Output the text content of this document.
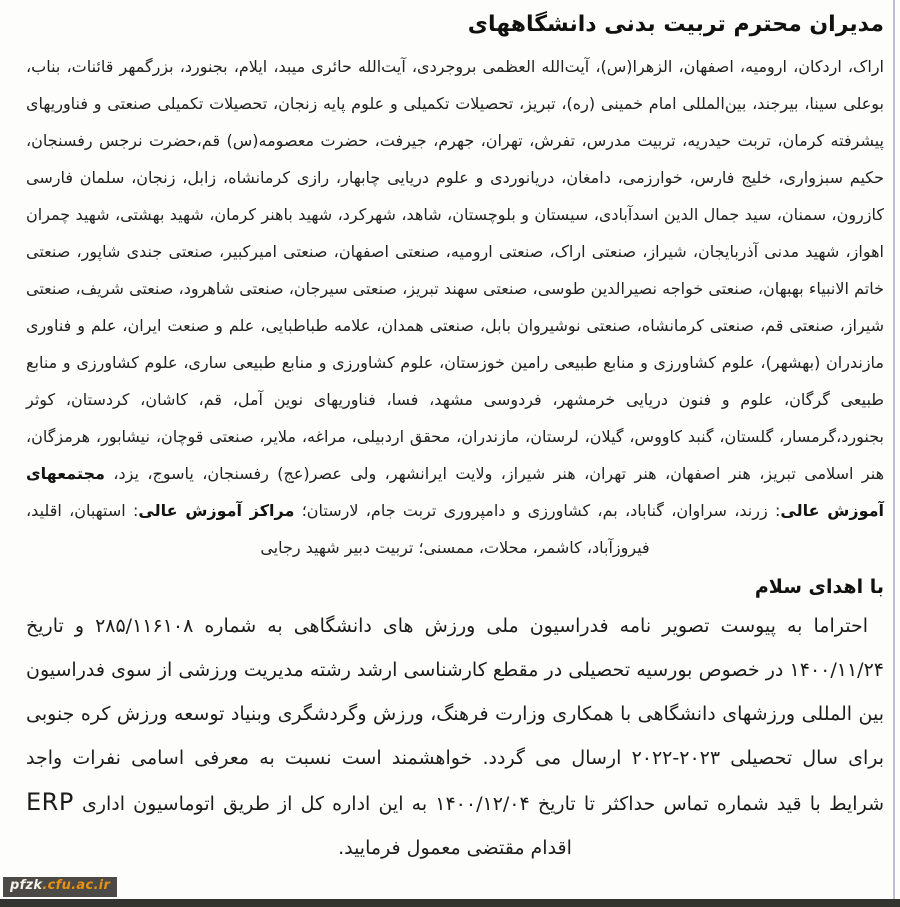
مدیران محترم تربیت بدنی دانشگاههای

اراک، اردکان، ارومیه، اصفهان، الزهرا(س)، آیت‌الله العظمی بروجردی، آیت‌الله حائری میبد، ایلام، بجنورد، بزرگمهر قائنات، بناب، بوعلی سینا، بیرجند، بین‌المللی امام خمینی (ره)، تبریز، تحصیلات تکمیلی و علوم پایه زنجان، تحصیلات تکمیلی صنعتی و فناوریهای پیشرفته کرمان، تربت حیدریه، تربیت مدرس، تفرش، تهران، جهرم، جیرفت، حضرت معصومه(س) قم،حضرت نرجس رفسنجان، حکیم سبزواری، خلیج فارس، خوارزمی، دامغان، دریانوردی و علوم دریایی چابهار، رازی کرمانشاه، زابل، زنجان، سلمان فارسی کازرون، سمنان، سید جمال الدین اسدآبادی، سیستان و بلوچستان، شاهد، شهرکرد، شهید باهنر کرمان، شهید بهشتی، شهید چمران اهواز، شهید مدنی آذربایجان، شیراز، صنعتی اراک، صنعتی ارومیه، صنعتی اصفهان، صنعتی امیرکبیر، صنعتی جندی شاپور، صنعتی خاتم الانبیاء بهبهان، صنعتی خواجه نصیرالدین طوسی، صنعتی سهند تبریز، صنعتی سیرجان، صنعتی شاهرود، صنعتی شریف، صنعتی شیراز، صنعتی قم، صنعتی کرمانشاه، صنعتی نوشیروان بابل، صنعتی همدان، علامه طباطبایی، علم و صنعت ایران، علم و فناوری مازندران (بهشهر)، علوم کشاورزی و منابع طبیعی رامین خوزستان، علوم کشاورزی و منابع طبیعی ساری، علوم کشاورزی و منابع طبیعی گرگان، علوم و فنون دریایی خرمشهر، فردوسی مشهد، فسا، فناوریهای نوین آمل، قم، کاشان، کردستان، کوثر بجنورد،گرمسار، گلستان، گنبد کاووس، گیلان، لرستان، مازندران، محقق اردبیلی، مراغه، ملایر، صنعتی قوچان، نیشابور، هرمزگان، هنر اسلامی تبریز، هنر اصفهان، هنر تهران، هنر شیراز، ولایت ایرانشهر، ولی عصر(عج) رفسنجان، یاسوج، یزد، مجتمعهای آموزش عالی: زرند، سراوان، گناباد، بم، کشاورزی و دامپروری تربت جام، لارستان؛ مراکز آموزش عالی: استهبان، اقلید، فیروزآباد، کاشمر، محلات، ممسنی؛ تربیت دبیر شهید رجایی

با اهدای سلام

احتراما به پیوست تصویر نامه فدراسیون ملی ورزش های دانشگاهی به شماره ۲۸۵/۱۱۶۱۰۸ و تاریخ ۱۴۰۰/۱۱/۲۴ در خصوص بورسیه تحصیلی در مقطع کارشناسی ارشد رشته مدیریت ورزشی از سوی فدراسیون بین المللی ورزشهای دانشگاهی با همکاری وزارت فرهنگ، ورزش وگردشگری وبنیاد توسعه ورزش کره جنوبی برای سال تحصیلی ۲۰۲۳-۲۰۲۲ ارسال می گردد. خواهشمند است نسبت به معرفی اسامی نفرات واجد شرایط با قید شماره تماس حداکثر تا تاریخ ۱۴۰۰/۱۲/۰۴ به این اداره کل از طریق اتوماسیون اداری ERP اقدام مقتضی معمول فرمایید.

pfzk.cfu.ac.ir
